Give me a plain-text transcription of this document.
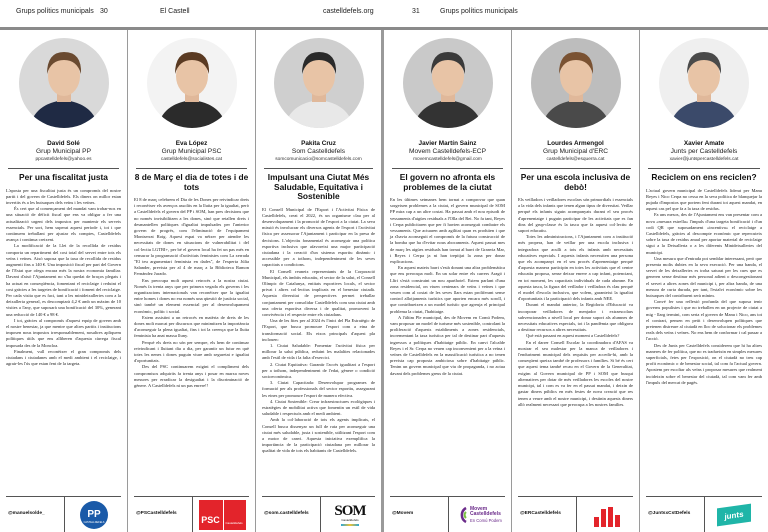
Grups polítics municipals 30	El Castell	castelldefels.org	31	Grups polítics municipals
David Solé
Grup Municipal PP
ppcastelldefels@yahoo.es
Per una fiscalitat justa

L'aposta per una fiscalitat justa és un compromís del nostre partit i del govern de Castelldefels. Els diners on millor estan invertits és a les butxaques dels veïns i les veïnes.

És cert que al començament del mandat vam trobar-nos en una situació de dèficit fiscal que ens va obligar a fer una actualització urgent dels impostos per mantenir els serveis essencials. Per sort, hem superat aquest període i, tot i que continuem treballant per ajustar els comptes, Castelldefels avança i continua creixent.

La modificació de la Llei de la recollida de residus comporta un repartiment del cost total del servei entre tots els veïns i veïnes. Això suposa que la taxa de recollida de residus augmenti fins a 140 €. Una imposició fiscal per part del Govern de l'Estat que ofega encara més la nostra economia familiar. Davant d'això l'Ajuntament no s'ha quedat de braços plegats i ha actuat en conseqüència, fomentant el reciclatge i reduint el cost gràcies a les targetes de bonificació i foment del reciclatge. Per cada visita que es faci, tant a les minideixalleries com a la deixalleria general, es descomptarà 4,2 € amb un màxim de 10 visites a l'any, que suposarà una bonificació del 30%, generant una reducció de 140 € a 98 €.

I tot, gràcies al compromís d'aquest equip de govern amb el nostre benestar, ja que mentre que altres partits i institucions imposen nous impostos irresponsablement, nosaltres apliquem polítiques útils que ens alliberen d'aquesta càrrega fiscal imposada des de la Moncloa.

Finalment, vull reconèixer el gran compromís dels ciutadans i ciutadanes amb el medi ambient i el reciclatge, i agrair-les l'ús que estan fent de la targeta.

@manuelsolde_	PP
CASTELLDEFELS
Eva López
Grup Municipal PSC
castelldefels@socialistes.cat
8 de Març el dia de totes i de tots

El 8 de març celebrem el Dia de les Dones per reivindicar drets i reconèixer els avenços assolits en la lluita per la igualtat, però a Castelldefels el govern del PP i SOM, han pres decisions que no només invisibilitzen a les dones, sinó que retallen drets i desmantellen polítiques d'igualtat impulsades per l'anterior govern de progrés, com l'eliminació de l'equipament Montserrat Roig. Aquest espai va néixer per atendre les necessitats de dones en situacions de vulnerabilitat i del col·lectiu LGTBI+, per bé el govern local ha fet un pas més en censurar la programació d'activitats feministes com La xerrada "El teu argumentari feminista en dades", de l'experta Júlia Salander, prevista per al 4 de març a la Biblioteca Ramon Fernández Jurado.

Ens preocupa molt aquest retrocés a la nostra ciutat. Només fa trenta anys que per primera vegada els governs i les organitzacions internacionals van reconèixer que la igualtat entre homes i dones no era només una qüestió de justícia social, sinó també un element essencial per al desenvolupament econòmic, polític i social.

Estem assistint a un retrocés en matèria de drets de les dones molt marcat per discursos que minimitzen la importància d'aconseguir la plena igualtat, fins i tot la creença que la lluita feminista ha anat massa lluny.

Perquè els drets no són per sempre, els hem de continuar reivindicant i lluitant dia a dia, per garantir un futur en què totes les nenes i dones puguin viure amb seguretat e igualtat d'oportunitats.

Des del PSC continuarem exigint el compliment dels compromisos adquirits fa trenta anys i posar en marxa noves mesures per erradicar la desigualtat i la discriminació de gènere. A Castelldefels ni un pas enrere!!

@PSCastelldefels
PSC	Castelldefels
Pakita Cruz
Som Castelldefels
somcomunicacio@somcastelldefels.com
Impulsant una Ciutat Més Saludable, Equitativa i Sostenible

El Consell Municipal de l'Esport i l'Activitat Física de Castelldefels, creat el 2022, és un organisme clau per al desenvolupament i la promoció de l'esport a la ciutat. La seva missió és involucrar els diversos agents de l'esport i l'activitat física per assessorar l'Ajuntament i participar en la presa de decisions. L'objectiu fonamental és aconseguir una política esportiva inclusiva que afavoreixi una major participació ciutadana i la creació d'un sistema esportiu dinàmic i accessible per a tothom, independentment de les seves capacitats o condicions.

El Consell reuneix representants de la Corporació Municipal, els àmbits educatiu, el sector de la salut, el Consell Olímpic de Catalunya, entitats esportives locals, el sector privat i altres col·lectius implicats en el benestar ciutadà. Aquesta diversitat de perspectives permet treballar conjuntament per consolidar Castelldefels com una ciutat amb una oferta esportiva diversa i de qualitat, promovent la convivència i el respecte entre els ciutadans.

Una de les fites per al 2024 és l'inici del Pla Estratègic de l'Esport, que busca promoure l'esport com a eina de transformació social. Els eixos principals d'aquest pla inclouen:

1. Ciutat Saludable: Fomentar l'activitat física per millorar la salut pública, reduint les malalties relacionades amb l'estil de vida i la falta d'exercici.

2. Ciutat Equitativa: Garantir l'accés igualitari a l'esport per a tothom, independentment de l'edat, gènere o condició socioeconòmica.

3. Ciutat Capacitada: Desenvolupar programes de formació per als professionals del sector esportiu, assegurant les eines per promoure l'esport de manera efectiva.

4. Ciutat Sostenible: Crear infraestructures ecològiques i estratègies de mobilitat activa que fomentin un estil de vida saludable i respectuós amb el medi ambient.

Amb la col·laboració de tots els agents implicats, el Consell busca dissenyar un full de ruta per aconseguir una ciutat més saludable, justa i sostenible, utilitzant l'esport com a motor de canvi. Aquesta iniciativa exemplifica la importància de la participació ciutadana per millorar la qualitat de vida de tots els habitants de Castelldefels.

@som.castelldefels SOM
Castelldefels
Javier Martín Sainz
Movem Castelldefels-ECP
movemcastelldefels@gmail.com
El govern no afronta els problemes de la ciutat

En les últimes setmanes hem tornat a comprovar que quan sorgeixen problemes a la ciutat, el govern municipal de SOM PP mira cap a un altre costat. Ha passat amb el nou episodi de vessaments d'aigües residuals a l'Olla del Rei. No fa tant, Reyes i Cerpa publicitaren que per fi havien aconseguit combatre els vessaments. Que actuaren amb agilitat quan es produïen i que ja s'havia aconseguit el compromís de la futura construcció de la bomba que ha d'evitar nous abocaments. Aquest passat mes de març les aigües residuals han tornat al barri de Granvia Mar, i Reyes i Cerpa ja ni han trepitjat la zona per donar explicacions.

En aquest mateix barri s'està donant una altra problemàtica que ens preocupa molt. En un solar entre els carrers Aragó i Llíri s'està construint un nou aparthotel. Estem parlant d'una zona residencial, on viuen centenars de veïns i veïnes i que veuen com al costat de les seves llars estan proliferant sense control allotjaments turístics que aporten encara més soroll, i que contribueixen a un model turístic que agreuja el principal problema la ciutat, l'habitatge.

A l'últim Ple municipal, des de Movem en Comú Podem, vam proposar un model de turisme més sostenible, controlant la proliferació d'aquests establiments a zones residencials, incrementant la taxa turística per tal de destinar part d'aquests ingressos a polítiques d'habitatge públic. En canvi l'alcalde Reyes i el Sr. Cerpa no veuen cap inconvenient per a la veïna i veïnes de Castelldefels en la massificació turística a no tenen prevista cap proposta ambiciosa sobre d'habitatge públic. Tenim un govern municipal que viu de propaganda, i no actua davant dels problemes greus de la ciutat.

@Movem
Movem Castelldefels
En Comú Podem
Lourdes Armengol
Grup Municipal d'ERC
castelldefels@esquerra.cat
Per una escola inclusiva de debò!

Els vetlladors i vetlladores escolars són primordials i essencials a la vida dels infants que tenen algun tipus de diversitat. Vetllar perquè els infants siguin acompanyats durant el seu procés d'aprenentatge i puguin participar de les activitats que es fan dins del grup-classe és la tasca que fa aquest col·lectiu de suport educatiu.

Totes les administracions, i l'Ajuntament com a institució més propera, han de vetllar per una escola inclusiva i integradora que aculli a tots els infants amb necessitats educatives especials. I aquests infants necessiten una persona que els acompanyi en el seu procés d'aprenentatge perquè d'aquesta manera participin en totes les activitats que el centre educatiu proposa, sense deixar enrere a cap infant, potenciant, en tot moment, les capacitats individuals de cada alumne. En aquesta tasca, la figura del vetllador i vetlladora és clau perquè el model d'escola inclusiva, que volem, garanteixi la igualtat d'oportunitats i la participació dels infants amb NEE.

Durant el mandat anterior, la Regidoria d'Educació va incorporar vetlladores de menjador i extraescolars subvencionades a nivell local per donar suport als alumnes de necessitats educatives especials, tot i la pandèmia que obligava a destinar recursos a altres necessitats.

Què està passant en aquest moment a Castelldefels?

En el darrer Consell Escolar la coordinadora d'AFAS va mostrar el seu malestar per la manca de vetlladores i l'enduriment municipal dels requisits per accedir-hi, amb la conseqüent queixa també de professors i famílies. Si bé és cert que aquest tema també recau en el Govern de la Generalitat, exigim al Govern municipal de PP i SOM que busqui alternatives per dotar de més vetlladores les escoles del nostre municipi, tal i com es va fer en el passat mandat, i deixin de gastar diners públics en més festes de nova creació que res tenen a veure amb el nostre municipi, i destinin aquests diners allò realment necessari que preocupa a les nostres famílies.

@ERCastelldefels
Xavier Amate
Junts per Castelldefels
xavier@juntspercastelldefels.cat
Reciclem on ens reciclen?

L'actual govern municipal de Castelldefels liderat per Manu Reyes i Nico Cerpa no cessa en la seva política de blanquejar la pujada d'impostos que portem fent durant tot aquest mandat, en aquest cas pel que fa a la taxa de residus.

Fa uns mesos, des de l'Ajuntament ens van presentar com a nova «mesura estrella» l'impuls d'una targeta bonificació i d'un codi QR que suposadament «incentiva» el reciclatge a Castelldefels, gràcies al descompte econòmic que repercuteix sobre la taxa de residus anual per aportar material de reciclatge sigui a la Deixalleria o a les diferents Minideixalleries del municipi.

Una mesura que d'entrada pot semblar interessant, però que presenta molts dubtes en la seva execució. Per una banda, el servei de les deixalleries es troba saturat per les cues que es generen sense destinar més personal adient o descongestionant el servei a altres zones del municipi i, per altra banda, de una mesura de curta durada, per tant, l'estalvi econòmic sobre les butxaques del contribuent serà mínim.

Convé fer una reflexió profunda del que suposa tenir governs populistes i que no treballen en un projecte de ciutat a mig - llarg termini, com seria el govern de Manu i Nico, ans tot el contrari, pensen en petit i desenvolupen polítiques que pretenen distreure al ciutadà en lloc de solucionar els problemes reals dels veïns i veïnes. No ens hem de conformar i cal passar a l'acció.

Des de Junts per Castelldefels considerem que hi ha altres maneres de fer política, que no es tradueixin en simples mesures superficials, fetes per l'exposició, on el ciutadà no treu cap profit econòmic o de benestar social, tal com fa l'actual govern. Apostem per escoltar als veïns i proposar mesures que realment incideixin sobre el benestar del ciutadà, tal com vam fer amb l'impuls del mercat de pagès.

@JuntsxCstDefels	junts
